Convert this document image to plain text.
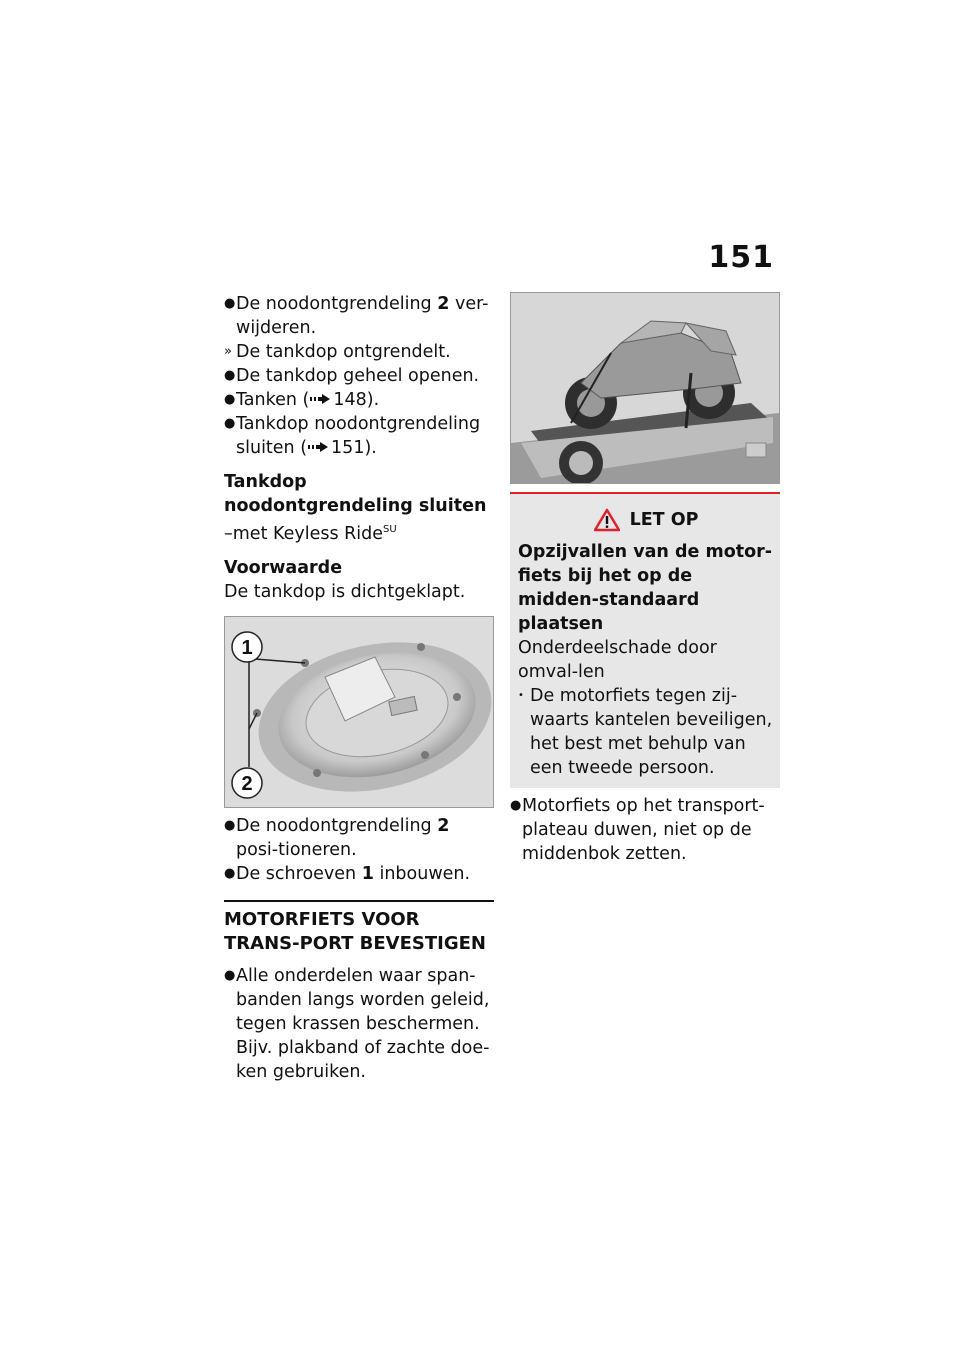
151
● De noodontgrendeling 2 ver-wijderen.
» De tankdop ontgrendelt.
● De tankdop geheel openen.
● Tanken ( 148).
● Tankdop noodontgrendeling sluiten ( 151).
Tankdop noodontgrendeling sluiten
–met Keyless Ride$^{SU}$
Voorwaarde
De tankdop is dichtgeklapt.
1
2
● De noodontgrendeling 2 posi-tioneren.
● De schroeven 1 inbouwen.
MOTORFIETS VOOR TRANS-PORT BEVESTIGEN
● Alle onderdelen waar span-banden langs worden geleid, tegen krassen beschermen. Bijv. plakband of zachte doe-ken gebruiken.
LET OP
Opzijvallen van de motor-fiets bij het op de midden-standaard plaatsen
Onderdeelschade door omval-len
• De motorfiets tegen zij-waarts kantelen beveiligen, het best met behulp van een tweede persoon.
● Motorfiets op het transport-plateau duwen, niet op de middenbok zetten.
